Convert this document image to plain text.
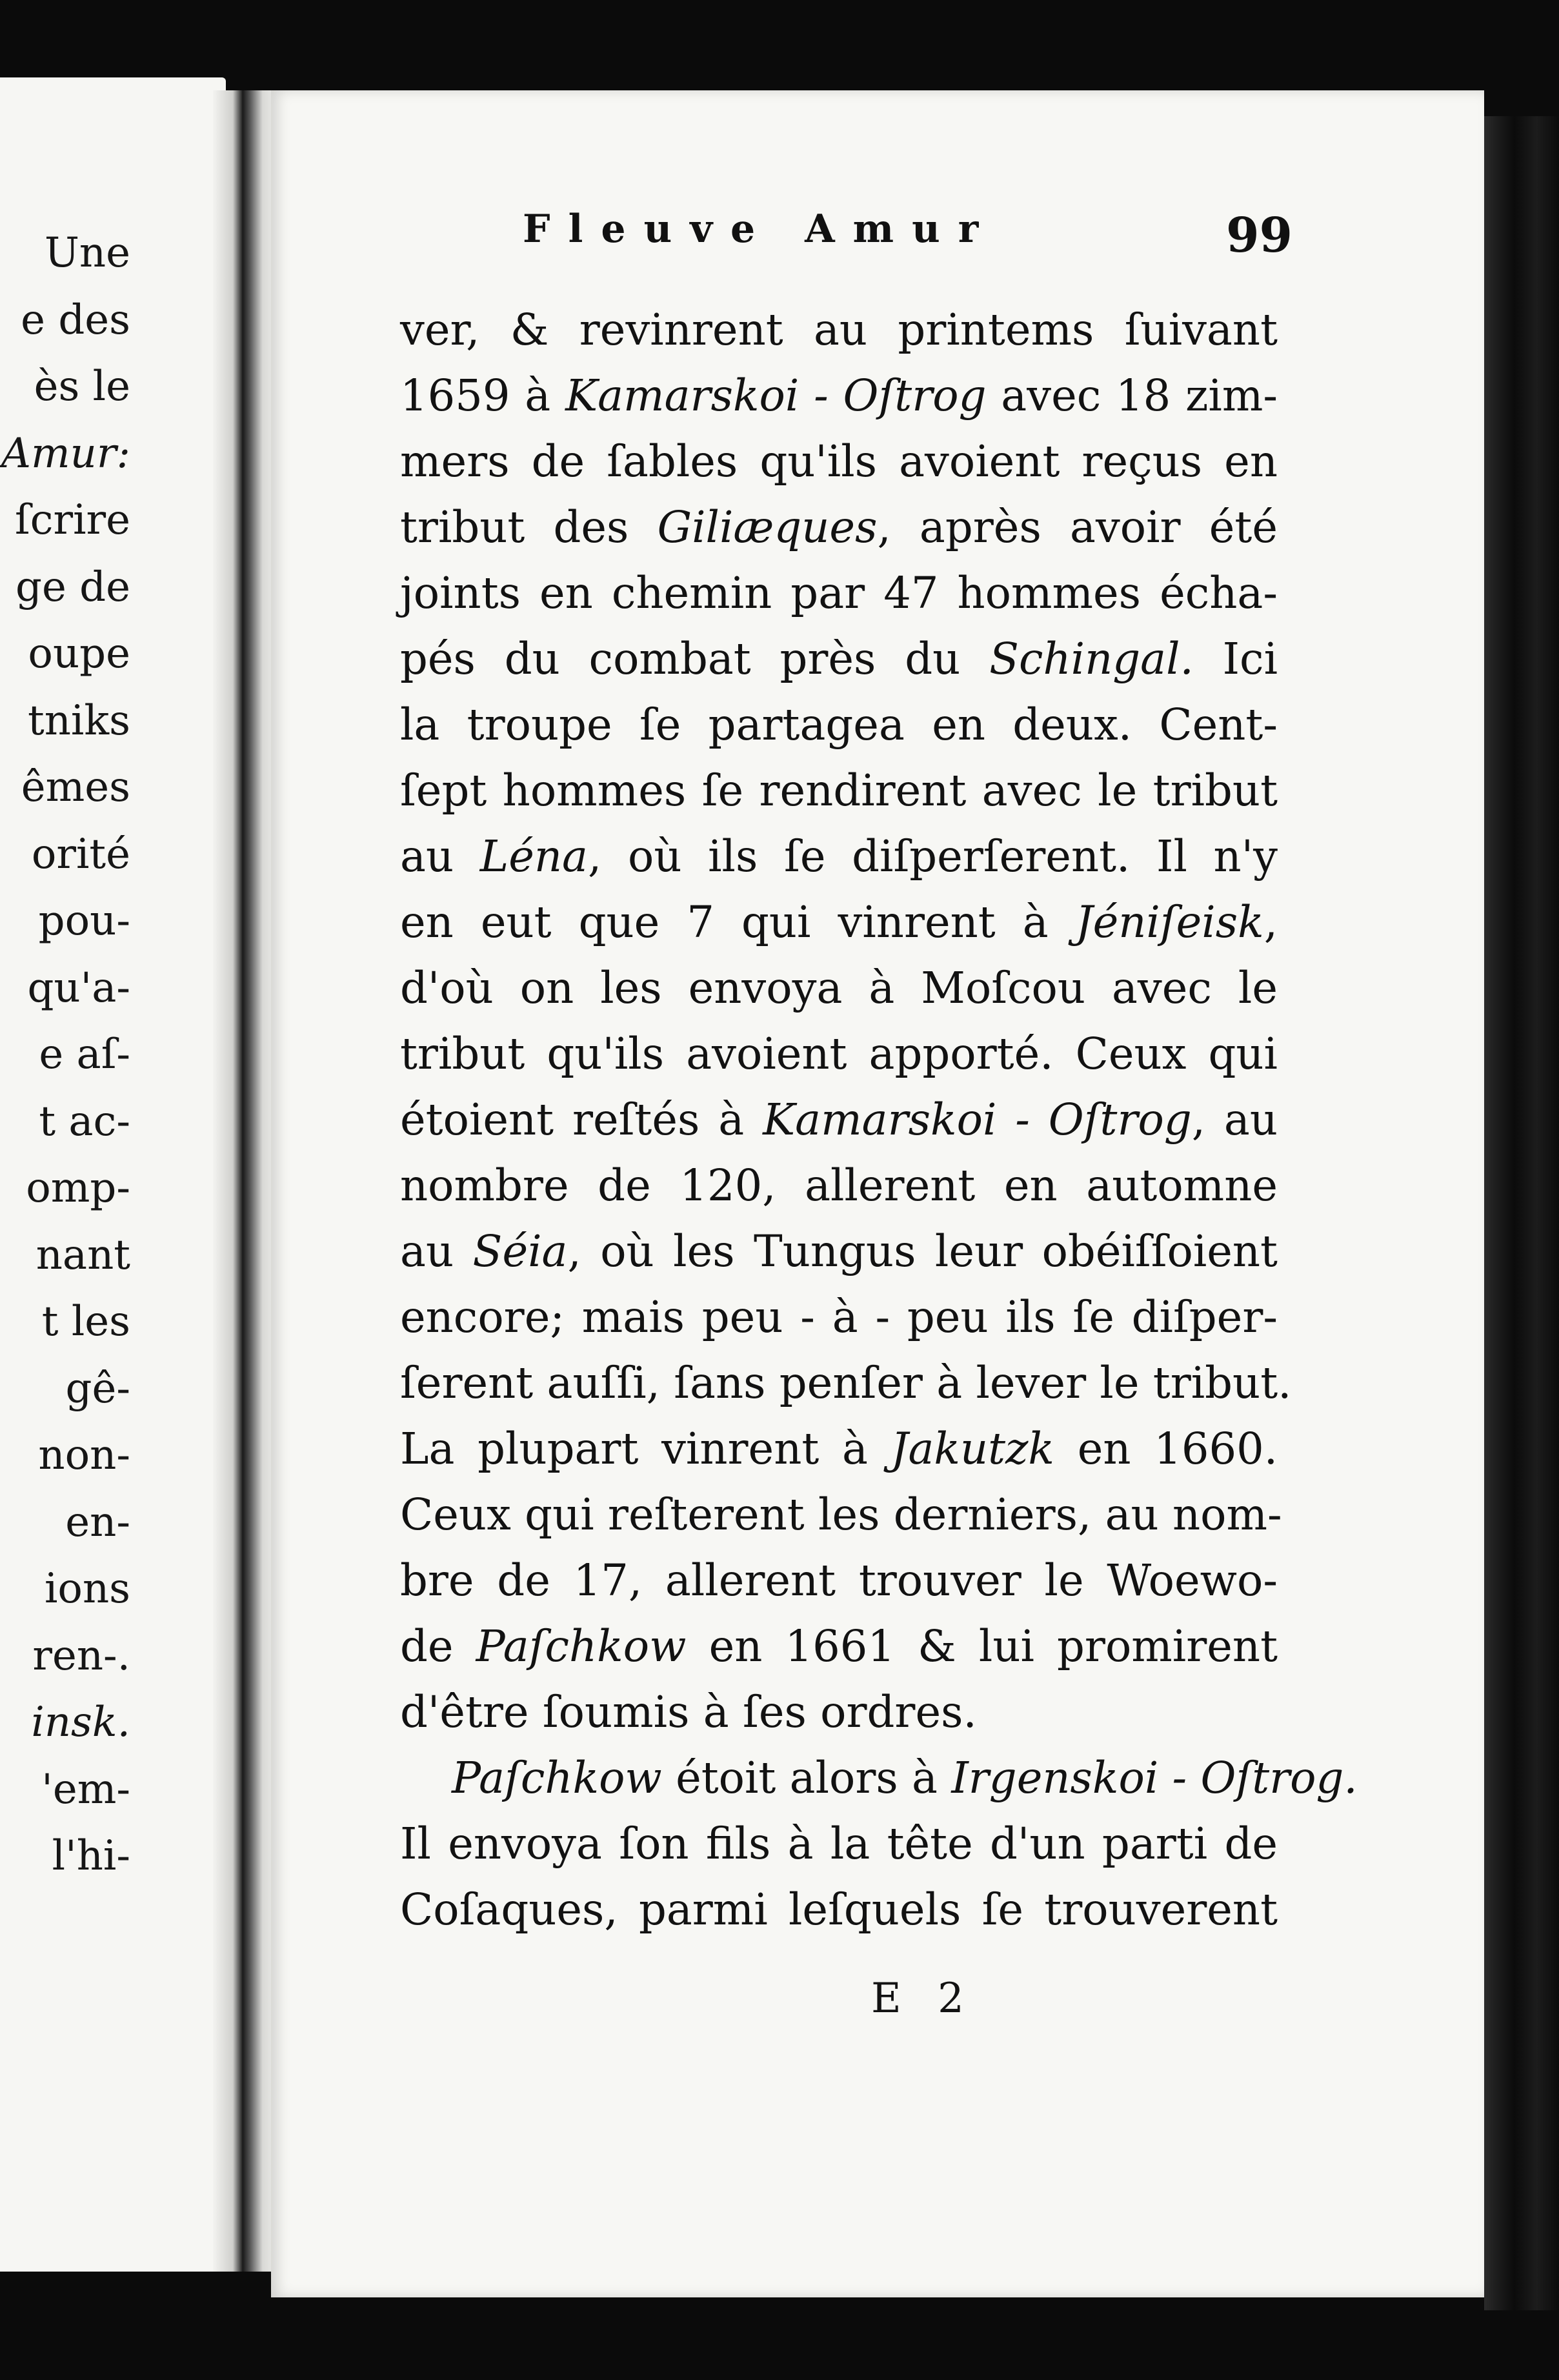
Une
e des
ès le
Amur:
ſcrire
ge de
oupe
tniks
êmes
orité
pou-
qu'a-
e aſ-
t ac-
omp-
nant
t les
gê-
non-
en-
ions
ren-.
insk.
'em-
l'hi-
Fleuve Amur	99
ver, & revinrent au printems ſuivant
1659 à Kamarskoi - Oſtrog avec 18 zim-
mers de ſables qu'ils avoient reçus en
tribut des Giliæques, après avoir été
joints en chemin par 47 hommes écha-
pés du combat près du Schingal. Ici
la troupe ſe partagea en deux. Cent-
ſept hommes ſe rendirent avec le tribut
au Léna, où ils ſe diſperſerent. Il n'y
en eut que 7 qui vinrent à Jéniſeisk,
d'où on les envoya à Moſcou avec le
tribut qu'ils avoient apporté. Ceux qui
étoient reſtés à Kamarskoi - Oſtrog, au
nombre de 120, allerent en automne
au Séia, où les Tungus leur obéiſſoient
encore; mais peu - à - peu ils ſe diſper-
ſerent auſſi, ſans penſer à lever le tribut.
La plupart vinrent à Jakutzk en 1660.
Ceux qui reſterent les derniers, au nom-
bre de 17, allerent trouver le Woewo-
de Paſchkow en 1661 & lui promirent
d'être ſoumis à ſes ordres.
Paſchkow étoit alors à Irgenskoi - Oſtrog.
Il envoya ſon fils à la tête d'un parti de
Coſaques, parmi leſquels ſe trouverent
E 2
